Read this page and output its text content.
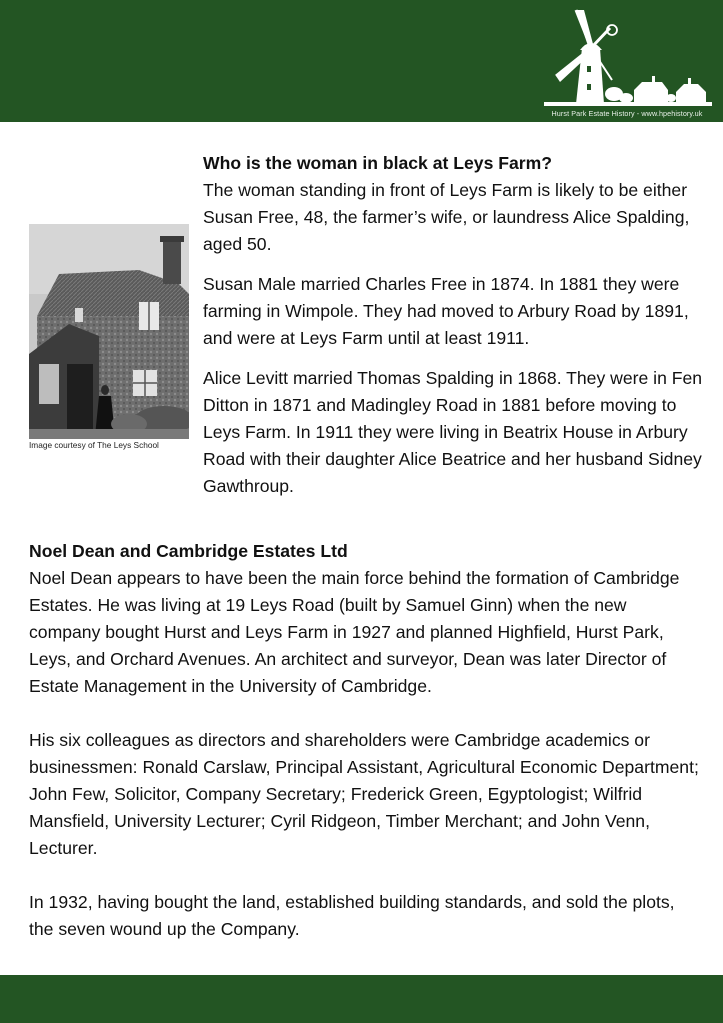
Hurst Park Estate History - www.hpehistory.uk
Image courtesy of The Leys School

Who is the woman in black at Leys Farm?

The woman standing in front of Leys Farm is likely to be either Susan Free, 48, the farmer’s wife, or laundress Alice Spalding, aged 50.

Susan Male married Charles Free in 1874. In 1881 they were farming in Wimpole. They had moved to Arbury Road by 1891, and were at Leys Farm until at least 1911.

Alice Levitt married Thomas Spalding in 1868. They were in Fen Ditton in 1871 and Madingley Road in 1881 before moving to Leys Farm. In 1911 they were living in Beatrix House in Arbury Road with their daughter Alice Beatrice and her husband Sidney Gawthroup.

Noel Dean and Cambridge Estates Ltd

Noel Dean appears to have been the main force behind the formation of Cambridge Estates. He was living at 19 Leys Road (built by Samuel Ginn) when the new company bought Hurst and Leys Farm in 1927 and planned Highfield, Hurst Park, Leys, and Orchard Avenues. An architect and surveyor, Dean was later Director of Estate Management in the University of Cambridge.

His six colleagues as directors and shareholders were Cambridge academics or businessmen: Ronald Carslaw, Principal Assistant, Agricultural Economic Department; John Few, Solicitor, Company Secretary; Frederick Green, Egyptologist; Wilfrid Mansfield, University Lecturer; Cyril Ridgeon, Timber Merchant; and John Venn, Lecturer.

In 1932, having bought the land, established building standards, and sold the plots, the seven wound up the Company.
